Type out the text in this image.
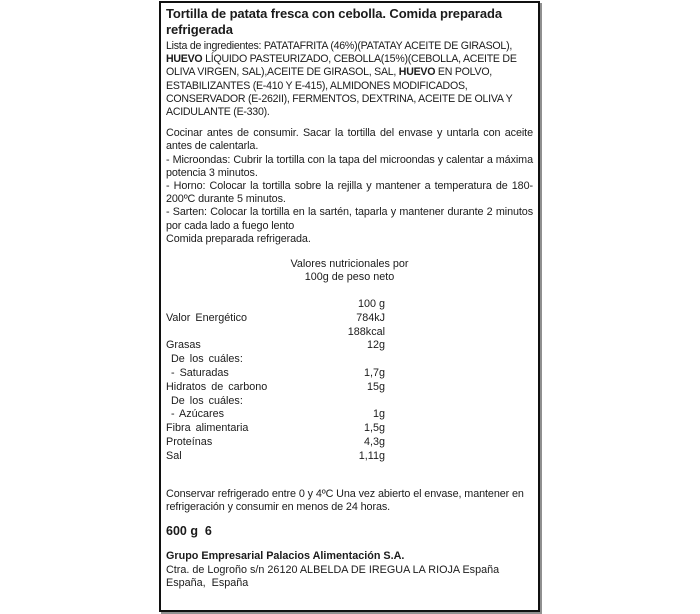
Tortilla de patata fresca con cebolla. Comida preparada refrigerada

Lista de ingredientes: PATATAFRITA (46%)(PATATAY ACEITE DE GIRASOL), HUEVO LÍQUIDO PASTEURIZADO, CEBOLLA(15%)(CEBOLLA, ACEITE DE OLIVA VIRGEN, SAL),ACEITE DE GIRASOL, SAL, HUEVO EN POLVO, ESTABILIZANTES (E-410 Y E-415), ALMIDONES MODIFICADOS, CONSERVADOR (E-262II), FERMENTOS, DEXTRINA, ACEITE DE OLIVA Y ACIDULANTE (E-330).

Cocinar antes de consumir. Sacar la tortilla del envase y untarla con aceite antes de calentarla.

- Microondas: Cubrir la tortilla con la tapa del microondas y calentar a máxima potencia 3 minutos.

- Horno: Colocar la tortilla sobre la rejilla y mantener a temperatura de 180-200ºC durante 5 minutos.

- Sarten: Colocar la tortilla en la sartén, taparla y mantener durante 2 minutos por cada lado a fuego lento

Comida preparada refrigerada.

Valores nutricionales por
100g de peso neto
100 g
Valor Energético	784kJ
188kcal
Grasas	12g
De los cuáles:
- Saturadas	1,7g
Hidratos de carbono	15g
De los cuáles:
- Azúcares	1g
Fibra alimentaria	1,5g
Proteínas	4,3g
Sal	1,11g

Conservar refrigerado entre 0 y 4ºC Una vez abierto el envase, mantener en refrigeración y consumir en menos de 24 horas.

600 g  6

Grupo Empresarial Palacios Alimentación S.A.

Ctra. de Logroño s/n 26120 ALBELDA DE IREGUA LA RIOJA España

España,  España
